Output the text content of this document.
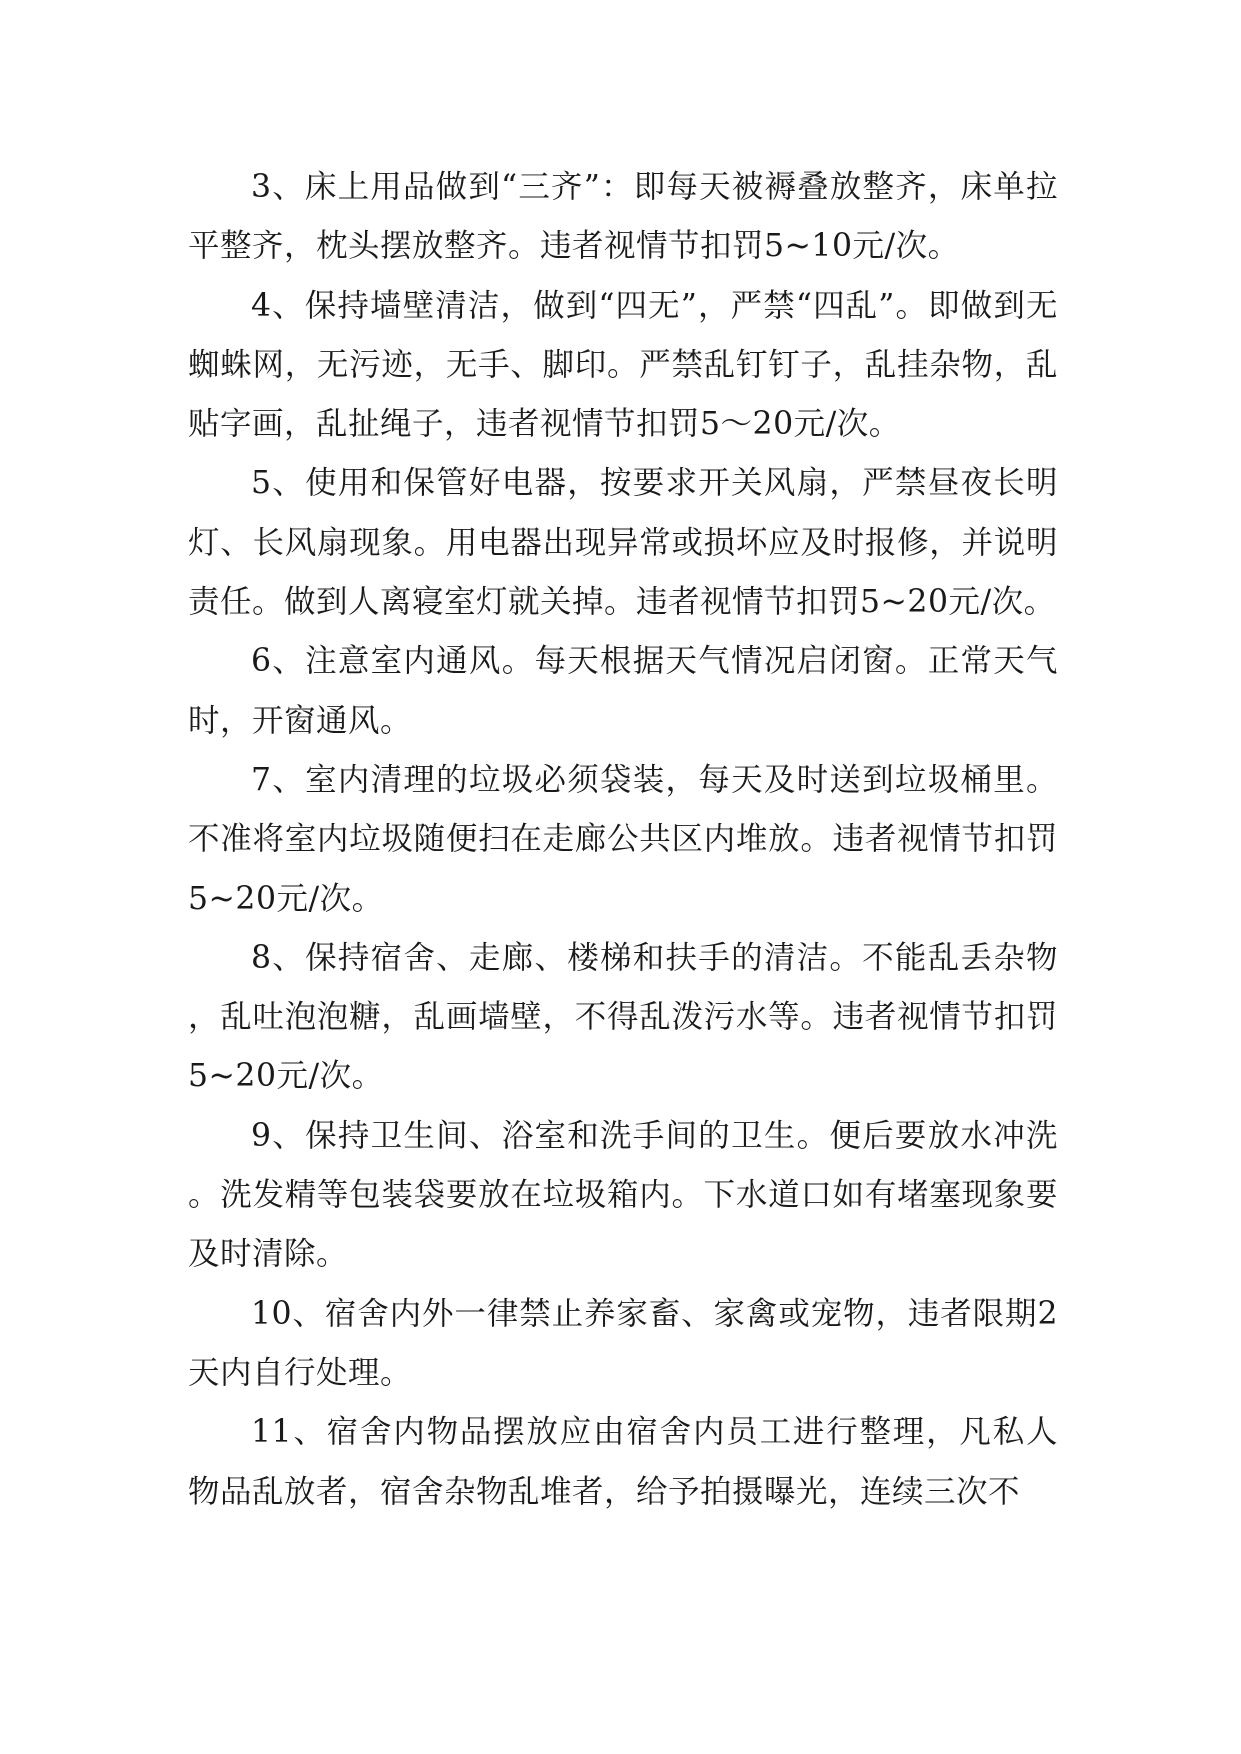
3、床上用品做到“三齐”：即每天被褥叠放整齐，床单拉平整齐，枕头摆放整齐。违者视情节扣罚5~10元/次。

4、保持墙壁清洁，做到“四无”，严禁“四乱”。即做到无蜘蛛网，无污迹，无手、脚印。严禁乱钉钉子，乱挂杂物，乱贴字画，乱扯绳子，违者视情节扣罚5～20元/次。

5、使用和保管好电器，按要求开关风扇，严禁昼夜长明灯、长风扇现象。用电器出现异常或损坏应及时报修，并说明责任。做到人离寝室灯就关掉。违者视情节扣罚5~20元/次。

6、注意室内通风。每天根据天气情况启闭窗。正常天气时，开窗通风。

7、室内清理的垃圾必须袋装，每天及时送到垃圾桶里。不准将室内垃圾随便扫在走廊公共区内堆放。违者视情节扣罚5~20元/次。

8、保持宿舍、走廊、楼梯和扶手的清洁。不能乱丢杂物，乱吐泡泡糖，乱画墙壁，不得乱泼污水等。违者视情节扣罚5~20元/次。

9、保持卫生间、浴室和洗手间的卫生。便后要放水冲洗。洗发精等包装袋要放在垃圾箱内。下水道口如有堵塞现象要及时清除。

10、宿舍内外一律禁止养家畜、家禽或宠物，违者限期2天内自行处理。

11、宿舍内物品摆放应由宿舍内员工进行整理，凡私人物品乱放者，宿舍杂物乱堆者，给予拍摄曝光，连续三次不
